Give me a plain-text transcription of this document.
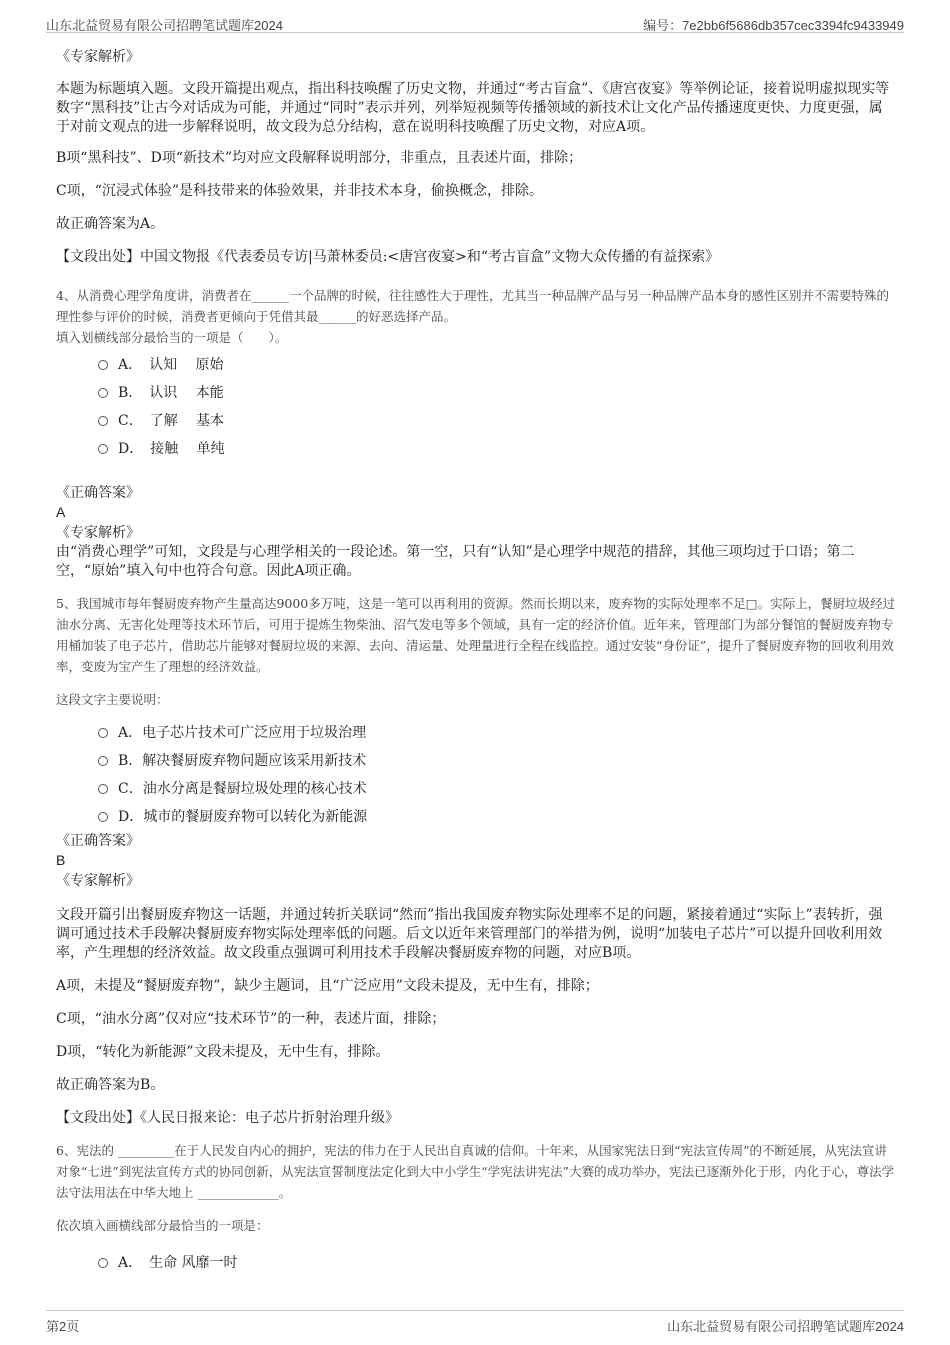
山东北益贸易有限公司招聘笔试题库2024	编号：7e2bb6f5686db357cec3394fc9433949

《专家解析》

本题为标题填入题。文段开篇提出观点，指出科技唤醒了历史文物，并通过“考古盲盒”、《唐宫夜宴》等举例论证，接着说明虚拟现实等数字“黑科技”让古今对话成为可能，并通过“同时”表示并列，列举短视频等传播领域的新技术让文化产品传播速度更快、力度更强，属于对前文观点的进一步解释说明，故文段为总分结构，意在说明科技唤醒了历史文物，对应A项。

B项“黑科技”、D项“新技术”均对应文段解释说明部分，非重点，且表述片面，排除；

C项，“沉浸式体验”是科技带来的体验效果，并非技术本身，偷换概念，排除。

故正确答案为A。

【文段出处】中国文物报《代表委员专访|马萧林委员:<唐宫夜宴>和“考古盲盒”文物大众传播的有益探索》

4、从消费心理学角度讲，消费者在______一个品牌的时候，往往感性大于理性，尤其当一种品牌产品与另一种品牌产品本身的感性区别并不需要特殊的理性参与评价的时候，消费者更倾向于凭借其最______的好恶选择产品。

填入划横线部分最恰当的一项是（　　）。

A．　认知　 原始
B．　认识　 本能
C．　了解　 基本
D．　接触　 单纯

《正确答案》

A

《专家解析》

由“消费心理学”可知，文段是与心理学相关的一段论述。第一空，只有“认知”是心理学中规范的措辞，其他三项均过于口语；第二空，“原始”填入句中也符合句意。因此A项正确。

5、我国城市每年餐厨废弃物产生量高达9000多万吨，这是一笔可以再利用的资源。然而长期以来，废弃物的实际处理率不足□。实际上，餐厨垃圾经过油水分离、无害化处理等技术环节后，可用于提炼生物柴油、沼气发电等多个领域，具有一定的经济价值。近年来，管理部门为部分餐馆的餐厨废弃物专用桶加装了电子芯片，借助芯片能够对餐厨垃圾的来源、去向、清运量、处理量进行全程在线监控。通过安装“身份证”，提升了餐厨废弃物的回收利用效率，变废为宝产生了理想的经济效益。

这段文字主要说明：

A．电子芯片技术可广泛应用于垃圾治理
B．解决餐厨废弃物问题应该采用新技术
C．油水分离是餐厨垃圾处理的核心技术
D．城市的餐厨废弃物可以转化为新能源

《正确答案》

B

《专家解析》

文段开篇引出餐厨废弃物这一话题，并通过转折关联词“然而”指出我国废弃物实际处理率不足的问题，紧接着通过“实际上”表转折，强调可通过技术手段解决餐厨废弃物实际处理率低的问题。后文以近年来管理部门的举措为例，说明“加装电子芯片”可以提升回收利用效率，产生理想的经济效益。故文段重点强调可利用技术手段解决餐厨废弃物的问题，对应B项。

A项，未提及“餐厨废弃物”，缺少主题词，且“广泛应用”文段未提及，无中生有，排除；

C项，“油水分离”仅对应“技术环节”的一种，表述片面，排除；

D项，“转化为新能源”文段未提及，无中生有，排除。

故正确答案为B。

【文段出处】《人民日报来论：电子芯片折射治理升级》

6、宪法的 _________在于人民发自内心的拥护，宪法的伟力在于人民出自真诚的信仰。十年来，从国家宪法日到“宪法宣传周”的不断延展，从宪法宣讲对象“七进”到宪法宣传方式的协同创新，从宪法宣誓制度法定化到大中小学生“学宪法讲宪法”大赛的成功举办，宪法已逐渐外化于形，内化于心，尊法学法守法用法在中华大地上 _____________。

依次填入画横线部分最恰当的一项是：

A．　生命 风靡一时
第2页	山东北益贸易有限公司招聘笔试题库2024
